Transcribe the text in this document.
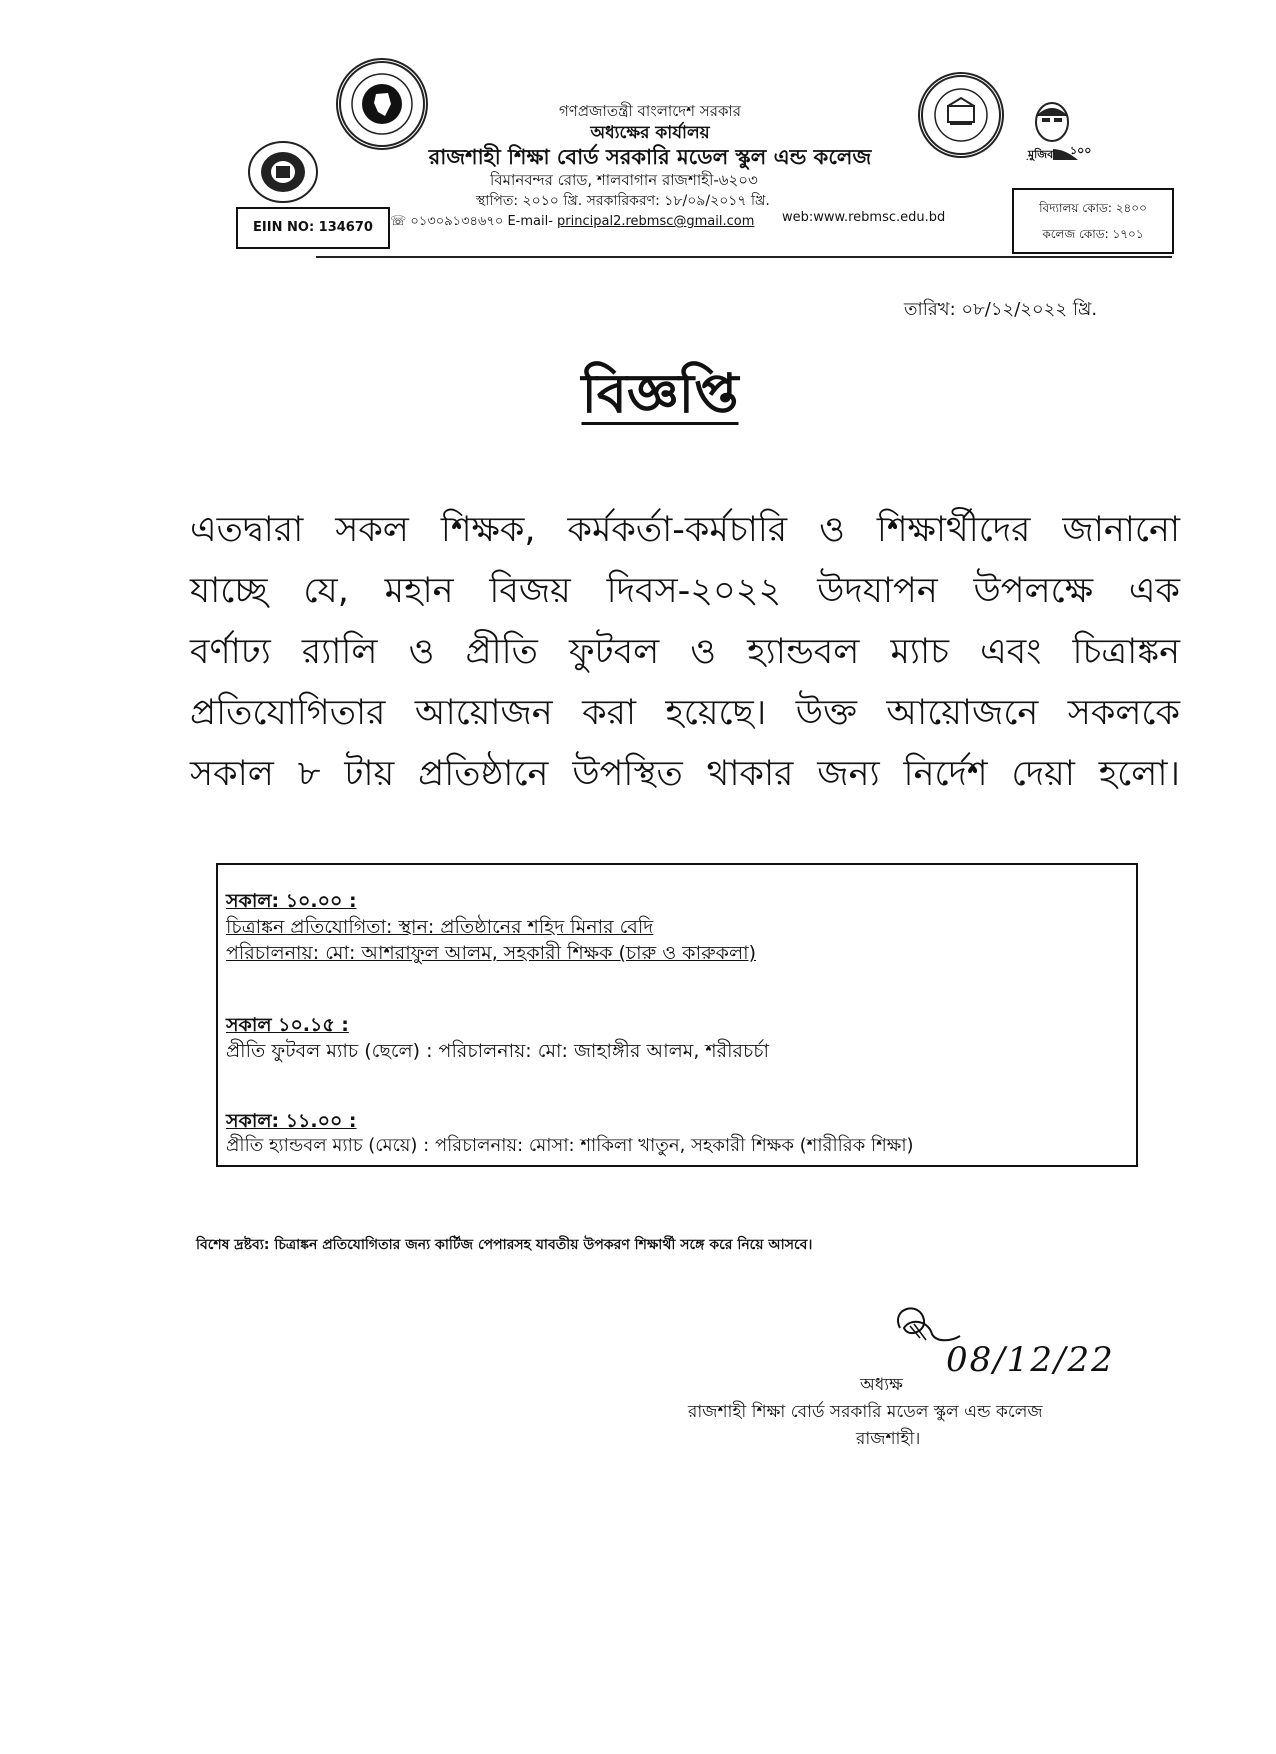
১০০
মুজিব
গণপ্রজাতন্ত্রী বাংলাদেশ সরকার
অধ্যক্ষের কার্যালয়
রাজশাহী শিক্ষা বোর্ড সরকারি মডেল স্কুল এন্ড কলেজ
বিমানবন্দর রোড, শালবাগান রাজশাহী-৬২০৩
স্থাপিত: ২০১০ খ্রি. সরকারিকরণ: ১৮/০৯/২০১৭ খ্রি.
EIIN NO: 134670	☏ ০১৩০৯১৩৪৬৭০ E-mail- principal2.rebmsc@gmail.com	web:www.rebmsc.edu.bd
বিদ্যালয় কোড: ২৪০০
কলেজ কোড: ১৭০১
তারিখ: ০৮/১২/২০২২ খ্রি.
বিজ্ঞপ্তি
এতদ্বারা সকল শিক্ষক, কর্মকর্তা-কর্মচারি ও শিক্ষার্থীদের জানানো
যাচ্ছে যে, মহান বিজয় দিবস-২০২২ উদযাপন উপলক্ষে এক
বর্ণাঢ্য র‍্যালি ও প্রীতি ফুটবল ও হ্যান্ডবল ম্যাচ এবং চিত্রাঙ্কন
প্রতিযোগিতার আয়োজন করা হয়েছে। উক্ত আয়োজনে সকলকে
সকাল ৮ টায় প্রতিষ্ঠানে উপস্থিত থাকার জন্য নির্দেশ দেয়া হলো।
সকাল: ১০.০০ :
চিত্রাঙ্কন প্রতিযোগিতা: স্থান: প্রতিষ্ঠানের শহিদ মিনার বেদি
পরিচালনায়: মো: আশরাফুল আলম, সহকারী শিক্ষক (চারু ও কারুকলা)
সকাল ১০.১৫ :
প্রীতি ফুটবল ম্যাচ (ছেলে) : পরিচালনায়: মো: জাহাঙ্গীর আলম, শরীরচর্চা
সকাল: ১১.০০ :
প্রীতি হ্যান্ডবল ম্যাচ (মেয়ে) : পরিচালনায়: মোসা: শাকিলা খাতুন, সহকারী শিক্ষক (শারীরিক শিক্ষা)
বিশেষ দ্রষ্টব্য: চিত্রাঙ্কন প্রতিযোগিতার জন্য কার্টিজ পেপারসহ যাবতীয় উপকরণ শিক্ষার্থী সঙ্গে করে নিয়ে আসবে।
08/12/22
অধ্যক্ষ
রাজশাহী শিক্ষা বোর্ড সরকারি মডেল স্কুল এন্ড কলেজ
রাজশাহী।
